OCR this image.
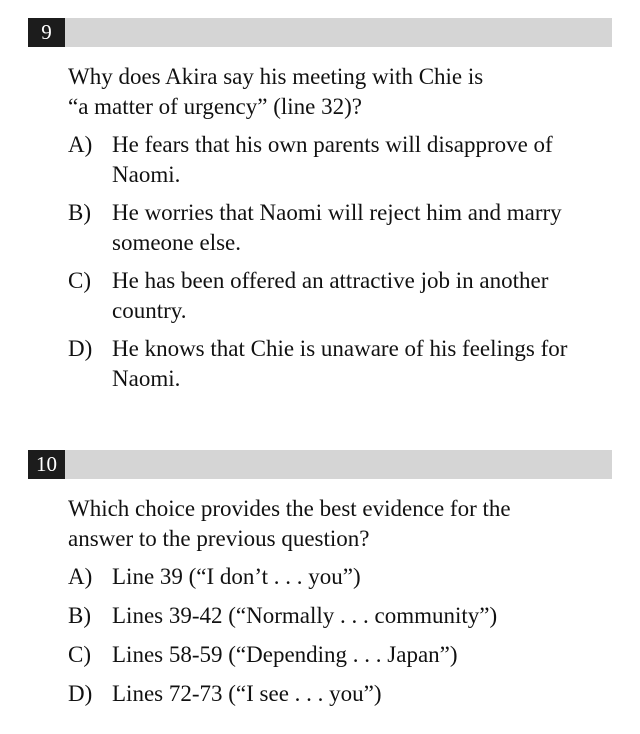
9

Why does Akira say his meeting with Chie is
“a matter of urgency” (line 32)?

A) He fears that his own parents will disapprove of Naomi.
B) He worries that Naomi will reject him and marry someone else.
C) He has been offered an attractive job in another country.
D) He knows that Chie is unaware of his feelings for Naomi.
10

Which choice provides the best evidence for the
answer to the previous question?

A) Line 39 (“I don’t . . . you”)
B) Lines 39-42 (“Normally . . . community”)
C) Lines 58-59 (“Depending . . . Japan”)
D) Lines 72-73 (“I see . . . you”)
